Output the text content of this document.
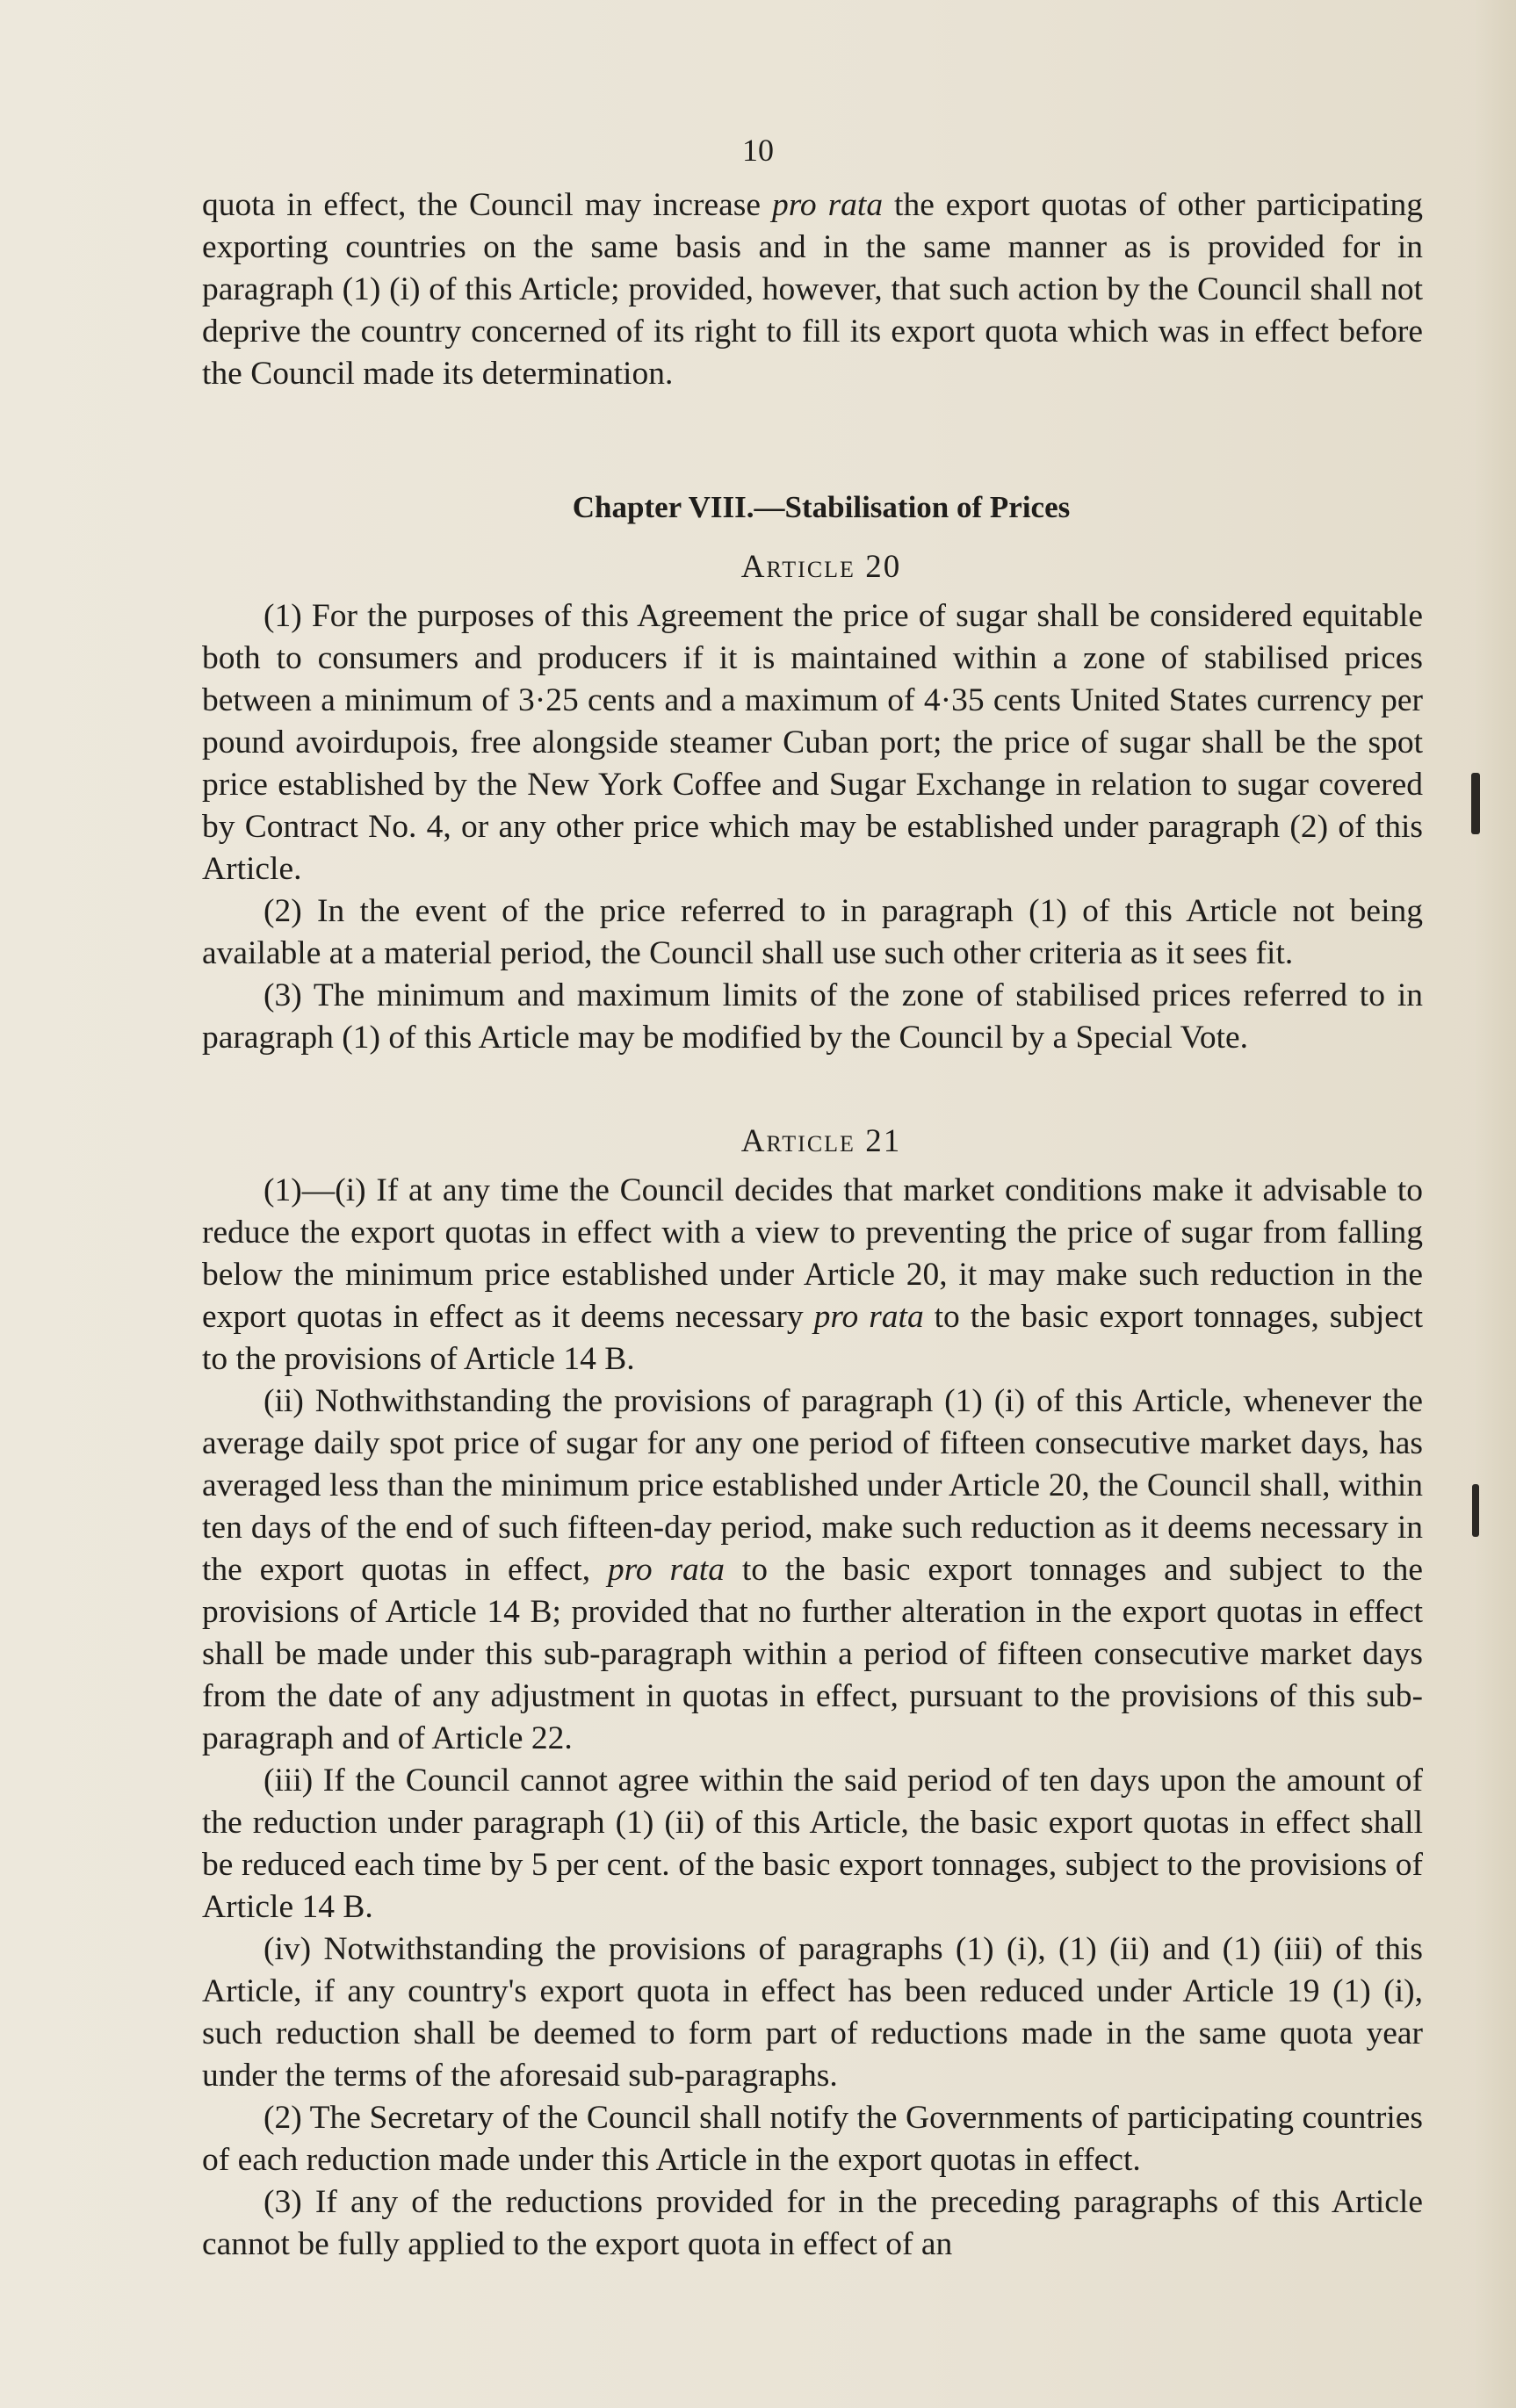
10

quota in effect, the Council may increase pro rata the export quotas of other participating exporting countries on the same basis and in the same manner as is provided for in paragraph (1) (i) of this Article; provided, however, that such action by the Council shall not deprive the country concerned of its right to fill its export quota which was in effect before the Council made its determination.

Chapter VIII.—Stabilisation of Prices

Article 20

(1) For the purposes of this Agreement the price of sugar shall be considered equitable both to consumers and producers if it is maintained within a zone of stabilised prices between a minimum of 3·25 cents and a maximum of 4·35 cents United States currency per pound avoirdupois, free alongside steamer Cuban port; the price of sugar shall be the spot price established by the New York Coffee and Sugar Exchange in relation to sugar covered by Contract No. 4, or any other price which may be established under paragraph (2) of this Article.

(2) In the event of the price referred to in paragraph (1) of this Article not being available at a material period, the Council shall use such other criteria as it sees fit.

(3) The minimum and maximum limits of the zone of stabilised prices referred to in paragraph (1) of this Article may be modified by the Council by a Special Vote.

Article 21

(1)—(i) If at any time the Council decides that market conditions make it advisable to reduce the export quotas in effect with a view to preventing the price of sugar from falling below the minimum price established under Article 20, it may make such reduction in the export quotas in effect as it deems necessary pro rata to the basic export tonnages, subject to the provisions of Article 14 B.

(ii) Nothwithstanding the provisions of paragraph (1) (i) of this Article, whenever the average daily spot price of sugar for any one period of fifteen consecutive market days, has averaged less than the minimum price established under Article 20, the Council shall, within ten days of the end of such fifteen-day period, make such reduction as it deems necessary in the export quotas in effect, pro rata to the basic export tonnages and subject to the provisions of Article 14 B; provided that no further alteration in the export quotas in effect shall be made under this sub-paragraph within a period of fifteen consecutive market days from the date of any adjustment in quotas in effect, pursuant to the provisions of this sub-paragraph and of Article 22.

(iii) If the Council cannot agree within the said period of ten days upon the amount of the reduction under paragraph (1) (ii) of this Article, the basic export quotas in effect shall be reduced each time by 5 per cent. of the basic export tonnages, subject to the provisions of Article 14 B.

(iv) Notwithstanding the provisions of paragraphs (1) (i), (1) (ii) and (1) (iii) of this Article, if any country's export quota in effect has been reduced under Article 19 (1) (i), such reduction shall be deemed to form part of reductions made in the same quota year under the terms of the aforesaid sub-paragraphs.

(2) The Secretary of the Council shall notify the Governments of participating countries of each reduction made under this Article in the export quotas in effect.

(3) If any of the reductions provided for in the preceding paragraphs of this Article cannot be fully applied to the export quota in effect of an
